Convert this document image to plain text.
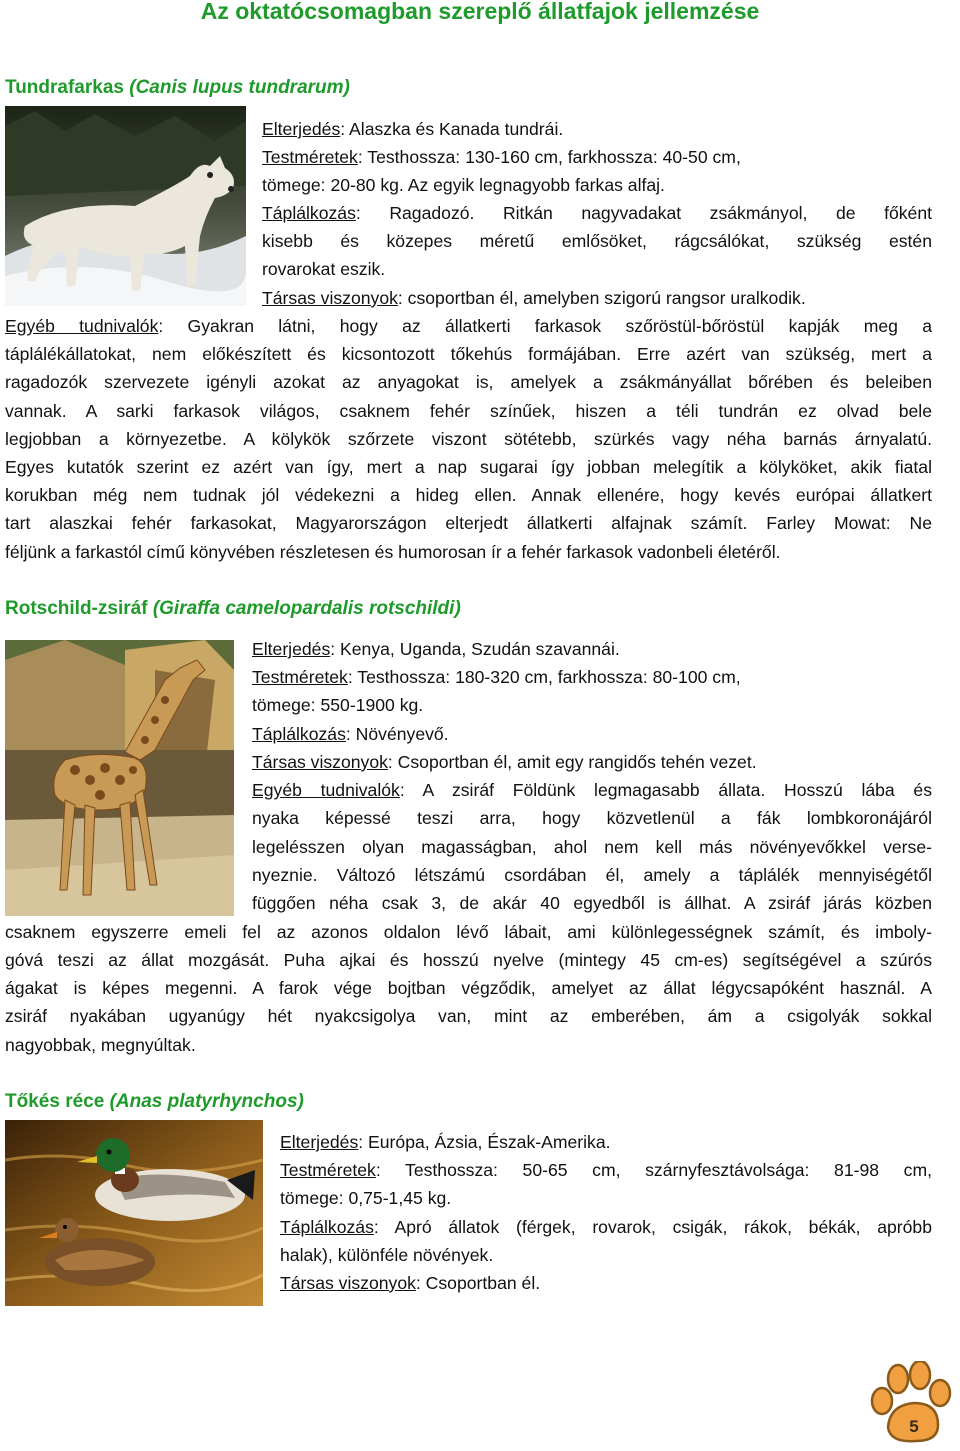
Az oktatócsomagban szereplő állatfajok jellemzése
Tundrafarkas (Canis lupus tundrarum)
Elterjedés: Alaszka és Kanada tundrái.
Testméretek: Testhossza: 130-160 cm, farkhossza: 40-50 cm,
tömege: 20-80 kg. Az egyik legnagyobb farkas alfaj.
Táplálkozás: Ragadozó. Ritkán nagyvadakat zsákmányol, de főként
kisebb és közepes méretű emlősöket, rágcsálókat, szükség estén
rovarokat eszik.
Társas viszonyok: csoportban él, amelyben szigorú rangsor uralkodik.
Egyéb tudnivalók: Gyakran látni, hogy az állatkerti farkasok szőröstül-bőröstül kapják meg a
táplálékállatokat, nem előkészített és kicsontozott tőkehús formájában. Erre azért van szükség, mert a
ragadozók szervezete igényli azokat az anyagokat is, amelyek a zsákmányállat bőrében és beleiben
vannak. A sarki farkasok világos, csaknem fehér színűek, hiszen a téli tundrán ez olvad bele
legjobban a környezetbe. A kölykök szőrzete viszont sötétebb, szürkés vagy néha barnás árnyalatú.
Egyes kutatók szerint ez azért van így, mert a nap sugarai így jobban melegítik a kölyköket, akik fiatal
korukban még nem tudnak jól védekezni a hideg ellen. Annak ellenére, hogy kevés európai állatkert
tart alaszkai fehér farkasokat, Magyarországon elterjedt állatkerti alfajnak számít. Farley Mowat: Ne
féljünk a farkastól című könyvében részletesen és humorosan ír a fehér farkasok vadonbeli életéről.
Rotschild-zsiráf (Giraffa camelopardalis rotschildi)
Elterjedés: Kenya, Uganda, Szudán szavannái.
Testméretek: Testhossza: 180-320 cm, farkhossza: 80-100 cm,
tömege: 550-1900 kg.
Táplálkozás: Növényevő.
Társas viszonyok: Csoportban él, amit egy rangidős tehén vezet.
Egyéb tudnivalók: A zsiráf Földünk legmagasabb állata. Hosszú lába és
nyaka képessé teszi arra, hogy közvetlenül a fák lombkoronájáról
legelésszen olyan magasságban, ahol nem kell más növényevőkkel verse-
nyeznie. Változó létszámú csordában él, amely a táplálék mennyiségétől
függően néha csak 3, de akár 40 egyedből is állhat. A zsiráf járás közben
csaknem egyszerre emeli fel az azonos oldalon lévő lábait, ami különlegességnek számít, és imboly-
góvá teszi az állat mozgását. Puha ajkai és hosszú nyelve (mintegy 45 cm-es) segítségével a szúrós
ágakat is képes megenni. A farok vége bojtban végződik, amelyet az állat légycsapóként használ. A
zsiráf nyakában ugyanúgy hét nyakcsigolya van, mint az emberében, ám a csigolyák sokkal
nagyobbak, megnyúltak.
Tőkés réce (Anas platyrhynchos)
Elterjedés: Európa, Ázsia, Észak-Amerika.
Testméretek: Testhossza: 50-65 cm, szárnyfesztávolsága: 81-98 cm,
tömege: 0,75-1,45 kg.
Táplálkozás: Apró állatok (férgek, rovarok, csigák, rákok, békák, apróbb
halak), különféle növények.
Társas viszonyok: Csoportban él.
5
